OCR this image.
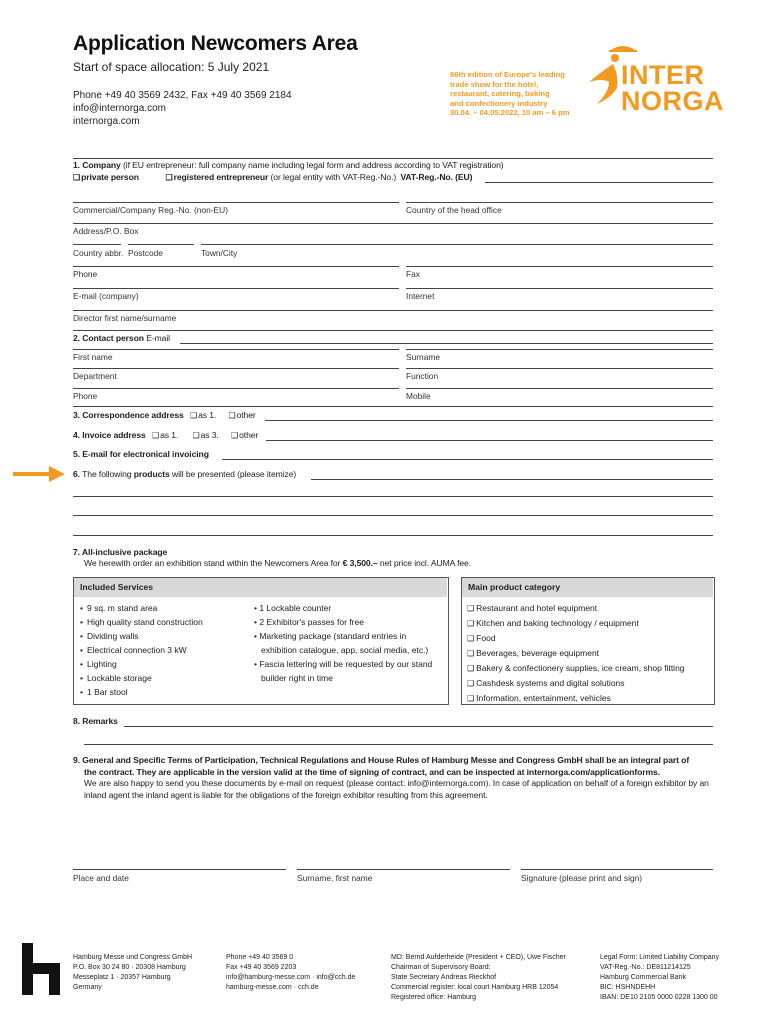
Application Newcomers Area
Start of space allocation: 5 July 2021
Phone +49 40 3569 2432, Fax +49 40 3569 2184
info@internorga.com
internorga.com
96th edition of Europe's leading
trade show for the hotel,
restaurant, catering, baking
and confectionery industry
30.04. – 04.05.2022, 10 am – 6 pm
INTER
NORGA
1. Company (if EU entrepreneur: full company name including legal form and address according to VAT registration)
❑ private person	❑ registered entrepreneur (or legal entity with VAT-Reg.-No.) VAT-Reg.-No. (EU)
Commercial/Company Reg.-No. (non-EU)	Country of the head office
Address/P.O. Box
Country abbr. Postcode	Town/City
Phone	Fax
E-mail (company)	Internet
Director first name/surname
2. Contact person E-mail
First name	Surname
Department	Function
Phone	Mobile
3. Correspondence address ❑ as 1. ❑ other
4. Invoice address ❑ as 1.	❑ as 3. ❑ other
5. E-mail for electronical invoicing
6. The following products will be presented (please itemize)
7. All-inclusive package
We herewith order an exhibition stand within the Newcomers Area for € 3,500.– net price incl. AUMA fee.
Included Services
• 9 sq. m stand area
• High quality stand construction
• Dividing walls
• Electrical connection 3 kW
• Lighting
• Lockable storage
• 1 Bar stool
• 1 Lockable counter
• 2 Exhibitor's passes for free
• Marketing package (standard entries in
exhibition catalogue, app, social media, etc.)
• Fascia lettering will be requested by our stand
builder right in time
Main product category
❑ Restaurant and hotel equipment
❑ Kitchen and baking technology / equipment
❑ Food
❑ Beverages, beverage equipment
❑ Bakery & confectionery supplies, ice cream, shop fitting
❑ Cashdesk systems and digital solutions
❑ Information, entertainment, vehicles
8. Remarks
9. General and Specific Terms of Participation, Technical Regulations and House Rules of Hamburg Messe and Congress GmbH shall be an integral part of
the contract. They are applicable in the version valid at the time of signing of contract, and can be inspected at internorga.com/applicationforms.
We are also happy to send you these documents by e-mail on request (please contact: info@internorga.com). In case of application on behalf of a foreign exhibitor by an
inland agent the inland agent is liable for the obligations of the foreign exhibitor resulting from this agreement.
Place and date	Surname, first name	Signature (please print and sign)
Hamburg Messe und Congress GmbH
P.O. Box 30 24 80 · 20308 Hamburg
Messeplatz 1 · 20357 Hamburg
Germany
Phone +49 40 3569 0
Fax +49 40 3569 2203
info@hamburg-messe.com · info@cch.de
hamburg-messe.com · cch.de
MD: Bernd Aufderheide (President + CEO), Uwe Fischer
Chairman of Supervisory Board:
State Secretary Andreas Rieckhof
Commercial register: local court Hamburg HRB 12054
Registered office: Hamburg
Legal Form: Limited Liability Company
VAT-Reg.-No.: DE811214125
Hamburg Commercial Bank
BIC: HSHNDEHH
IBAN: DE10 2105 0000 0228 1300 00
